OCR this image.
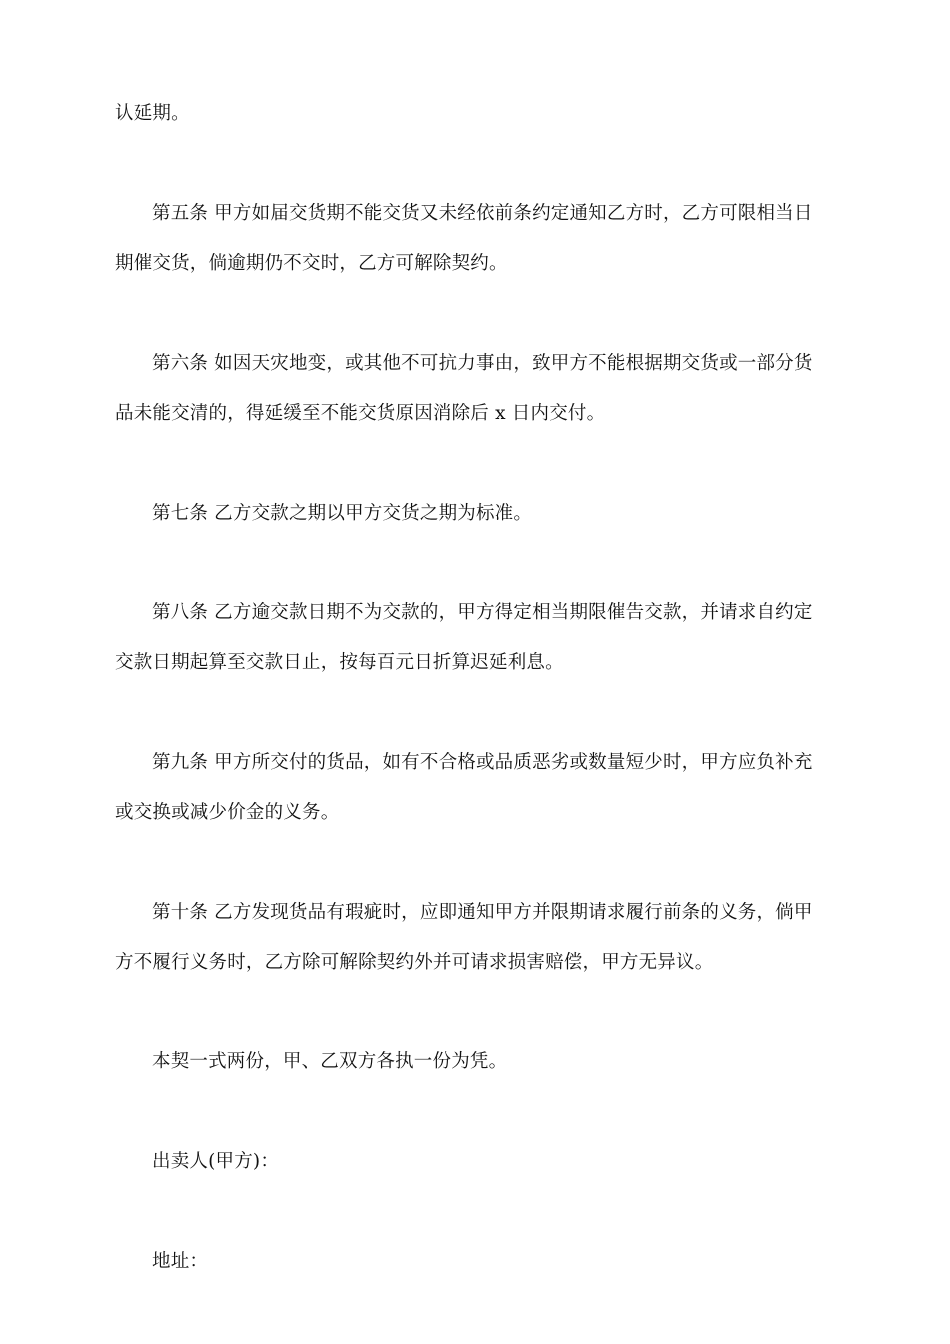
认延期。
第五条 甲方如届交货期不能交货又未经依前条约定通知乙方时，乙方可限相当日
期催交货，倘逾期仍不交时，乙方可解除契约。
第六条 如因天灾地变，或其他不可抗力事由，致甲方不能根据期交货或一部分货
品未能交清的，得延缓至不能交货原因消除后 x 日内交付。
第七条 乙方交款之期以甲方交货之期为标准。
第八条 乙方逾交款日期不为交款的，甲方得定相当期限催告交款，并请求自约定
交款日期起算至交款日止，按每百元日折算迟延利息。
第九条 甲方所交付的货品，如有不合格或品质恶劣或数量短少时，甲方应负补充
或交换或减少价金的义务。
第十条 乙方发现货品有瑕疵时，应即通知甲方并限期请求履行前条的义务，倘甲
方不履行义务时，乙方除可解除契约外并可请求损害赔偿，甲方无异议。
本契一式两份，甲、乙双方各执一份为凭。
出卖人(甲方)：
地址：
